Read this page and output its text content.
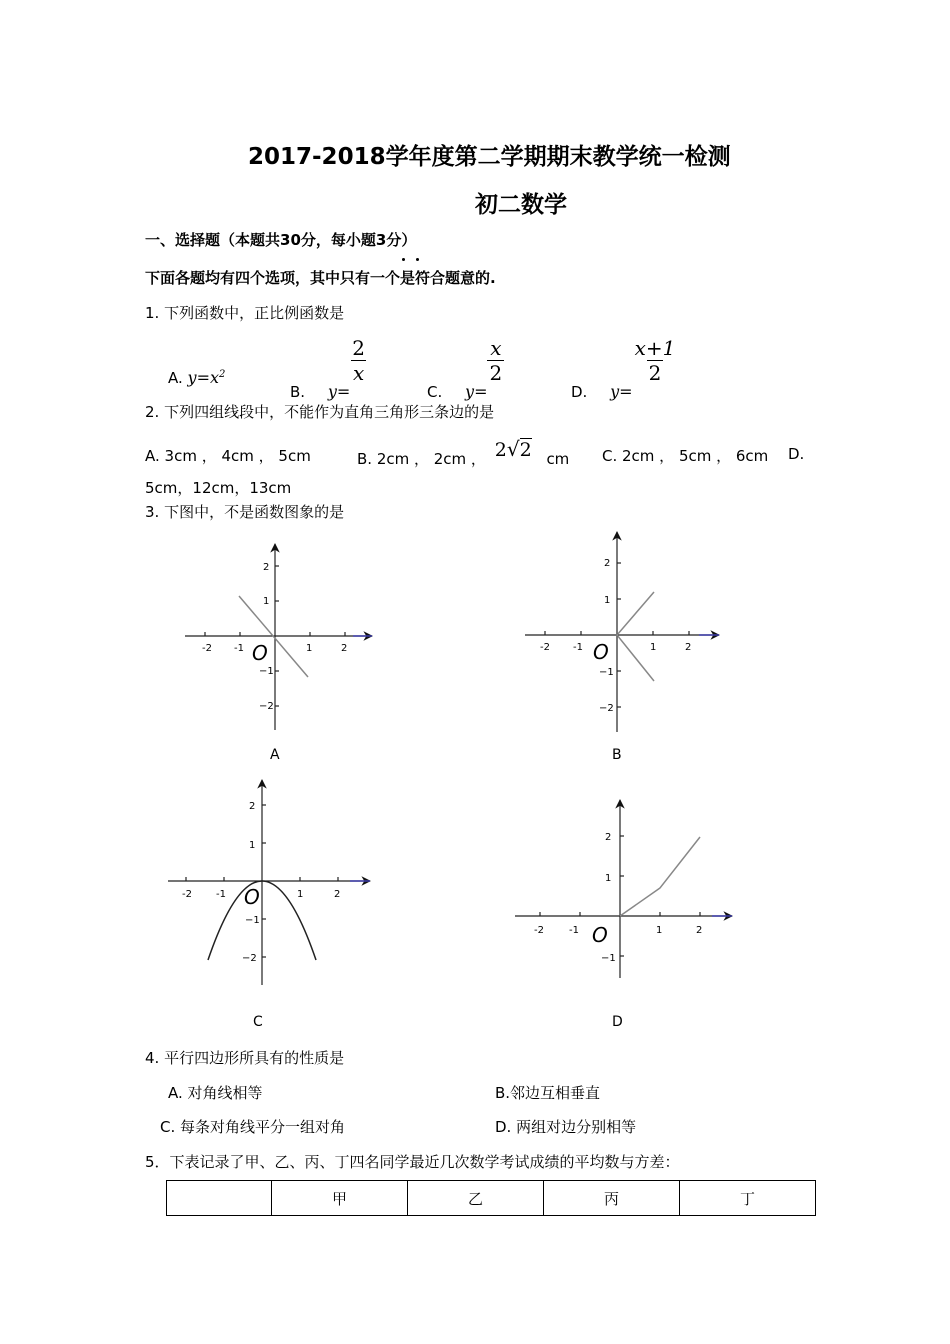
2017-2018学年度第二学期期末教学统一检测
初二数学
一、选择题（本题共30分，每小题3分）
下面各题均有四个选项，其中只有一个是符合题意的.
1. 下列函数中，正比例函数是
A. $y=x^2$
B. y=
$\frac{2}{x}$
C. y=
$\frac{x}{2}$
D. y=
$\frac{x+1}{2}$
2. 下列四组线段中，不能作为直角三角形三条边的是
A. 3cm ， 4cm ， 5cm	B. 2cm ， 2cm ， 2√2 cm C. 2cm ， 5cm ， 6cm D.
5cm，12cm，13cm
3. 下图中，不是函数图象的是
-2 -1	1	2
1
2
−1
−2
O
A
-2 -1	1	2
1
2
−1
−2
O
B
-2 -1	1	2
1
2
−1
−2
O
C
-2	-1	1	2
1
2
−1
O
D
4. 平行四边形所具有的性质是
A. 对角线相等	B.邻边互相垂直
C. 每条对角线平分一组对角	D. 两组对边分别相等
5．下表记录了甲、乙、丙、丁四名同学最近几次数学考试成绩的平均数与方差：
	甲	乙	丙	丁
